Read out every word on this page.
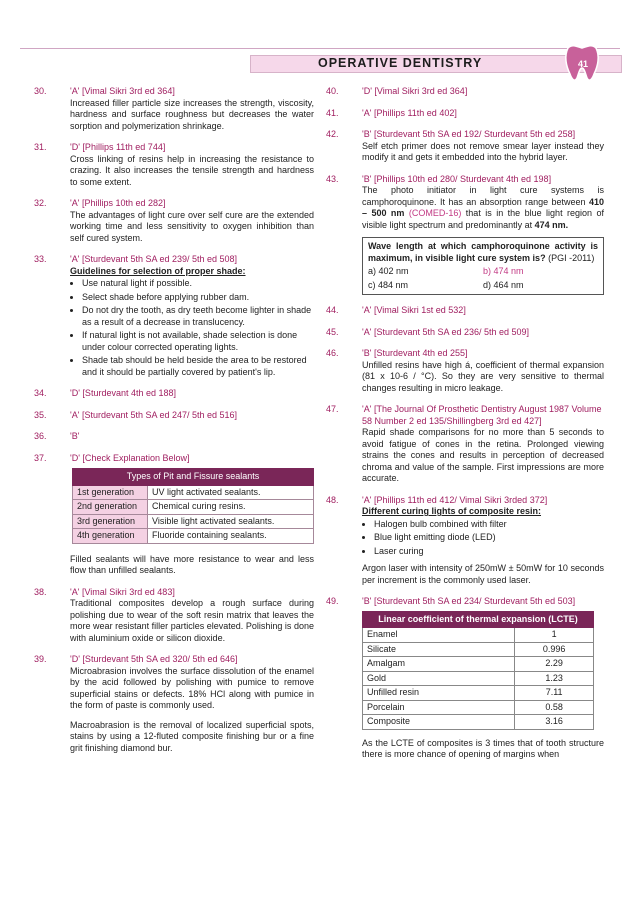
OPERATIVE DENTISTRY	41
30.	'A' [Vimal Sikri 3rd ed 364]
Increased filler particle size increases the strength, viscosity, hardness and surface roughness but decreases the water sorption and polymerization shrinkage.
31.	'D' [Phillips 11th ed 744]
Cross linking of resins help in increasing the resistance to crazing. It also increases the tensile strength and hardness to some extent.
32.	'A' [Phillips 10th ed 282]
The advantages of light cure over self cure are the extended working time and less sensitivity to oxygen inhibition than self cured system.
33.	'A' [Sturdevant 5th SA ed 239/ 5th ed 508]
Guidelines for selection of proper shade:
• Use natural light if possible.
• Select shade before applying rubber dam.
• Do not dry the tooth, as dry teeth become lighter in shade as a result of a decrease in translucency.
• If natural light is not available, shade selection is done under colour corrected operating lights.
• Shade tab should be held beside the area to be restored and it should be partially covered by patient's lip.
34.	'D' [Sturdevant 4th ed 188]
35.	'A' [Sturdevant 5th SA ed 247/ 5th ed 516]
36.	'B'
37.	'D' [Check Explanation Below]
Types of Pit and Fissure sealants	
1st generation	UV light activated sealants.
2nd generation	Chemical curing resins.
3rd generation	Visible light activated sealants.
4th generation	Fluoride containing sealants.
Filled sealants will have more resistance to wear and less flow than unfilled sealants.
38.	'A' [Vimal Sikri 3rd ed 483]
Traditional composites develop a rough surface during polishing due to wear of the soft resin matrix that leaves the more wear resistant filler particles elevated. Polishing is done with aluminium oxide or silicon dioxide.
39.	'D' [Sturdevant 5th SA ed 320/ 5th ed 646]
Microabrasion involves the surface dissolution of the enamel by the acid followed by polishing with pumice to remove superficial stains or defects. 18% HCl along with pumice in the form of paste is commonly used.
Macroabrasion is the removal of localized superficial spots, stains by using a 12-fluted composite finishing bur or a fine grit finishing diamond bur.
40.	'D' [Vimal Sikri 3rd ed 364]
41.	'A' [Phillips 11th ed 402]
42.	'B' [Sturdevant 5th SA ed 192/ Sturdevant 5th ed 258]
Self etch primer does not remove smear layer instead they modify it and gets it embedded into the hybrid layer.
43.	'B' [Phillips 10th ed 280/ Sturdevant 4th ed 198]
The photo initiator in light cure systems is camphoroquinone. It has an absorption range between 410 – 500 nm (COMED-16) that is in the blue light region of visible light spectrum and predominantly at 474 nm.
Wave length at which camphoroquinone activity is maximum, in visible light cure system is? (PGI -2011)
a) 402 nm	b) 474 nm
c) 484 nm	d) 464 nm
44.	'A' [Vimal Sikri 1st ed 532]
45.	'A' [Sturdevant 5th SA ed 236/ 5th ed 509]
46.	'B' [Sturdevant 4th ed 255]
Unfilled resins have high á, coefficient of thermal expansion (81 x 10-6 / °C). So they are very sensitive to thermal changes resulting in micro leakage.
47.	'A' [The Journal Of Prosthetic Dentistry August 1987 Volume 58 Number 2 ed 135/Shillingberg 3rd ed 427]
Rapid shade comparisons for no more than 5 seconds to avoid fatigue of cones in the retina. Prolonged viewing strains the cones and results in perception of decreased chroma and value of the sample. First impressions are more accurate.
48.	'A' [Phillips 11th ed 412/ Vimal Sikri 3rded 372]
Different curing lights of composite resin:
• Halogen bulb combined with filter
• Blue light emitting diode (LED)
• Laser curing
Argon laser with intensity of 250mW ± 50mW for 10 seconds per increment is the commonly used laser.
49.	'B' [Sturdevant 5th SA ed 234/ Sturdevant 5th ed 503]
Linear coefficient of thermal expansion (LCTE)	
Enamel	1
Silicate	0.996
Amalgam	2.29
Gold	1.23
Unfilled resin	7.11
Porcelain	0.58
Composite	3.16
As the LCTE of composites is 3 times that of tooth structure there is more chance of opening of margins when
